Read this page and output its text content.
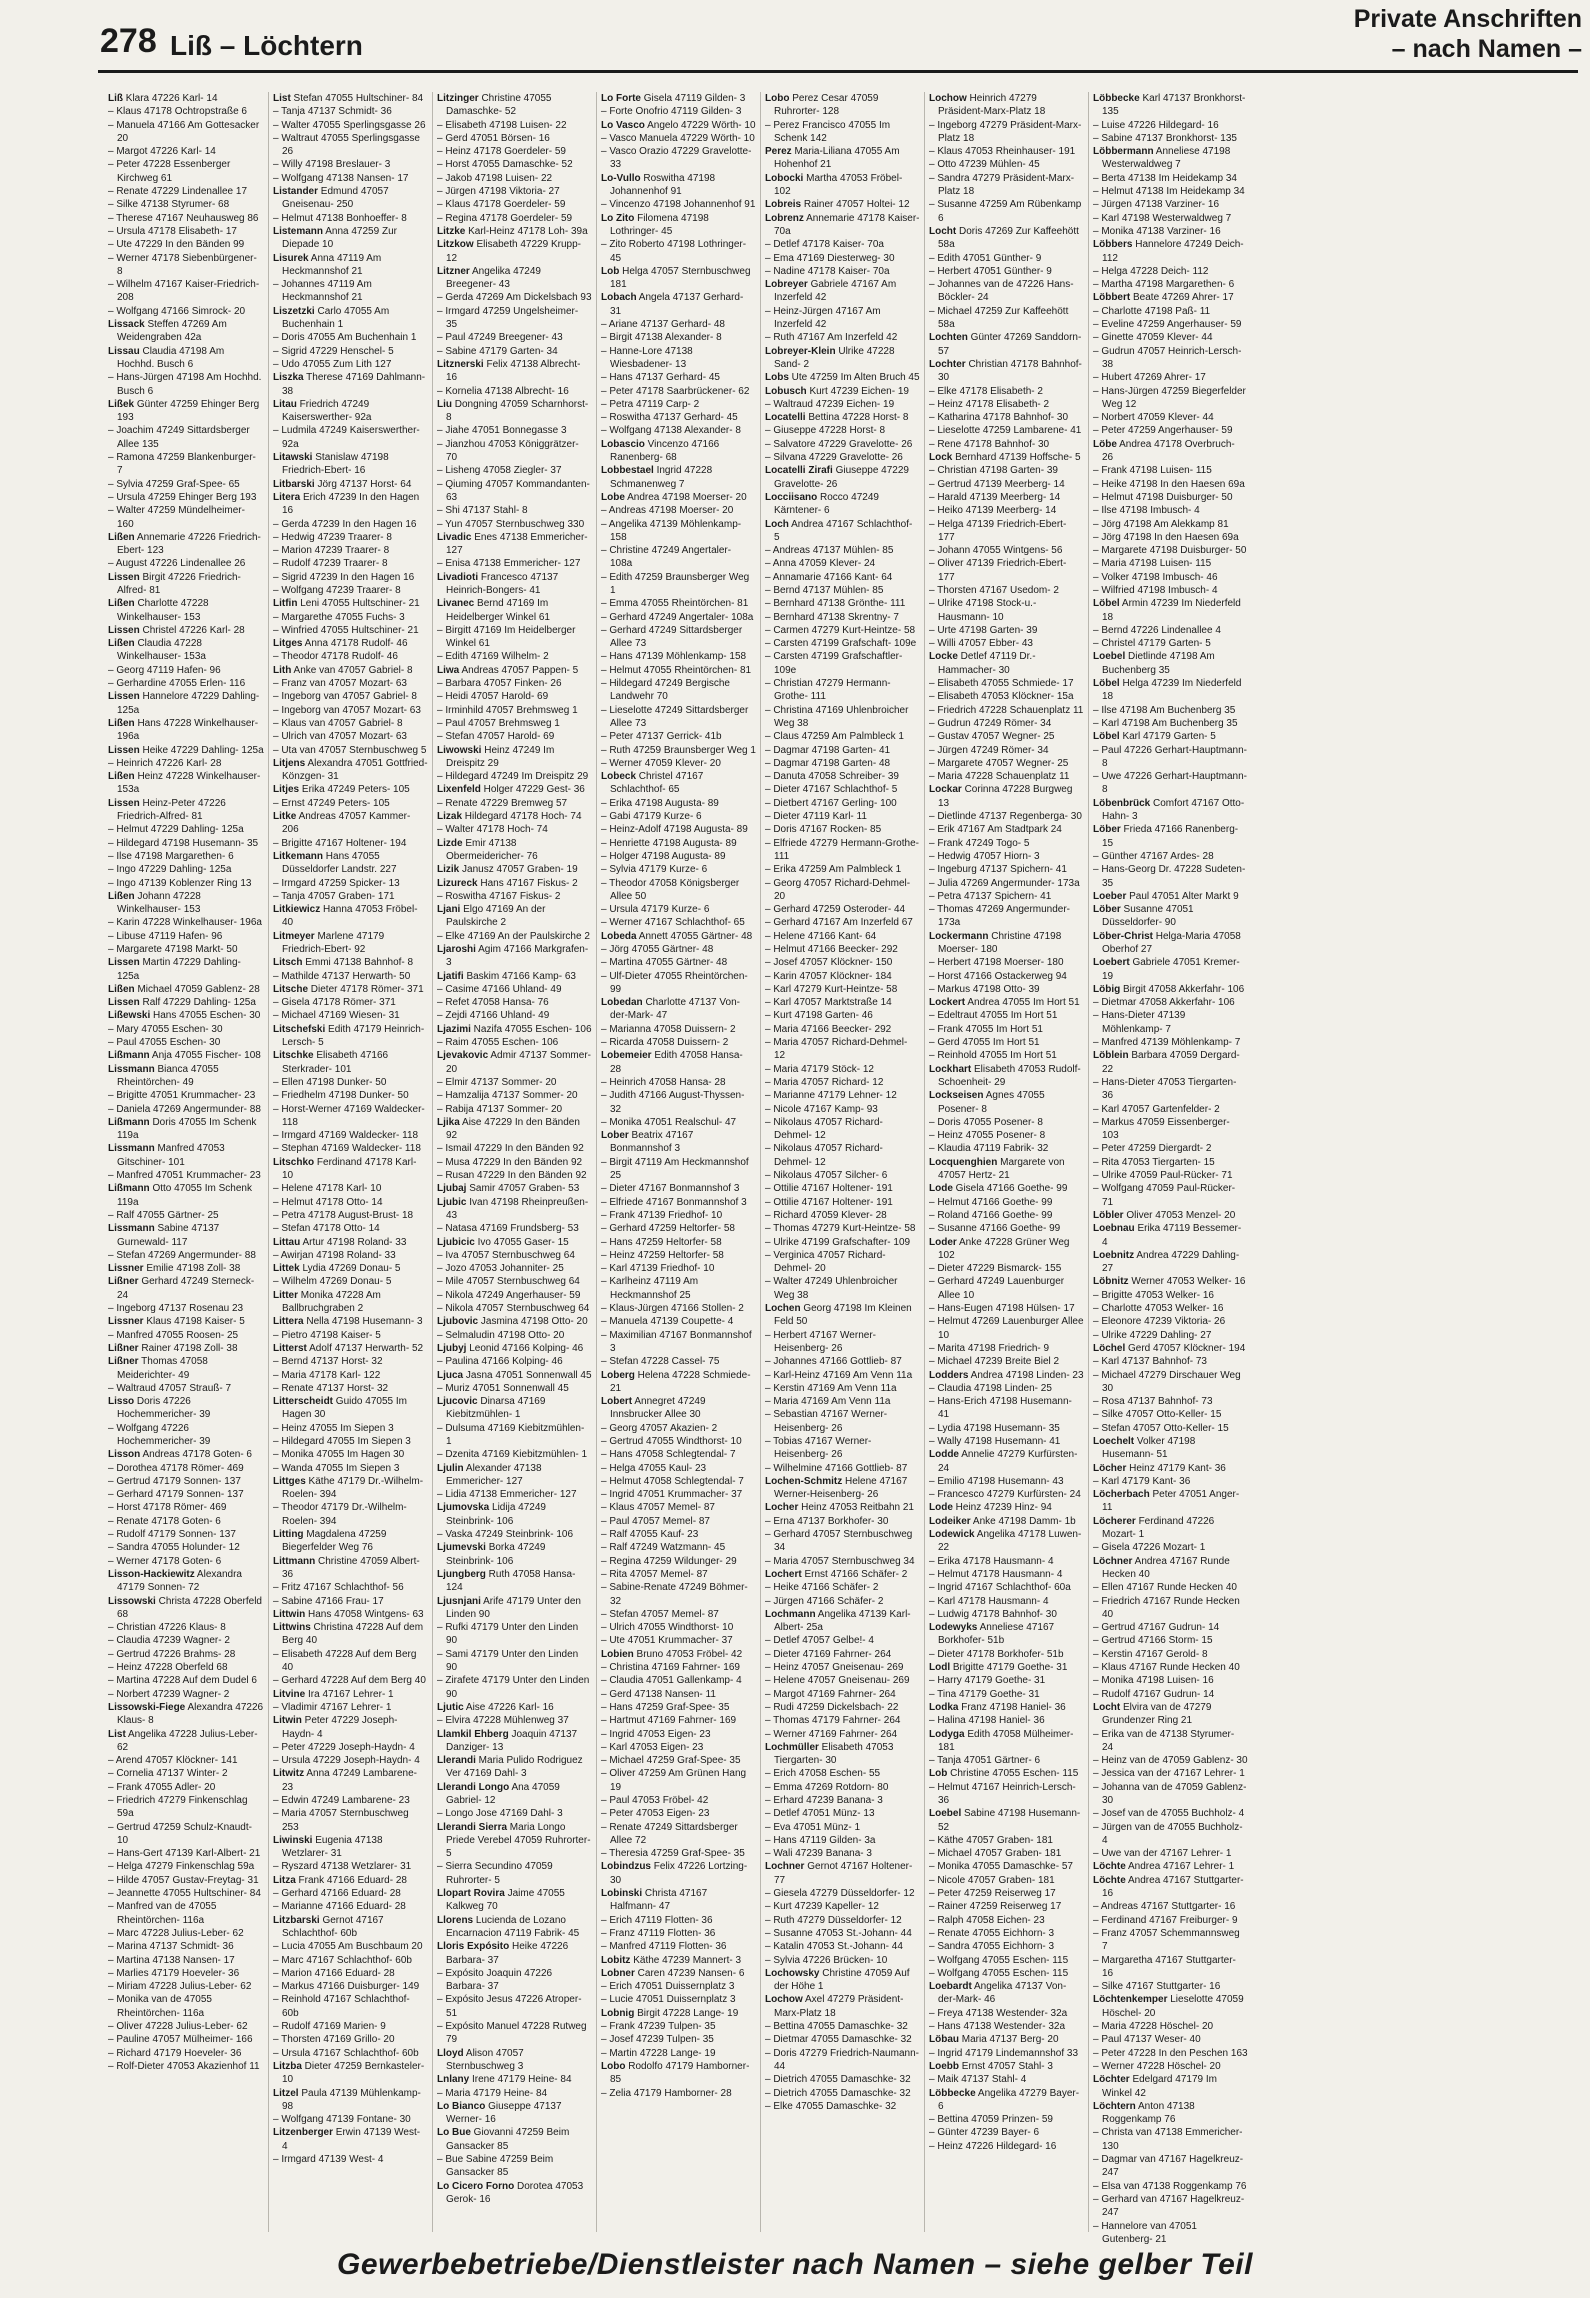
278 Liß – Löchtern
Private Anschriften
– nach Namen –
Liß Klara 47226 Karl- 14
– Klaus 47178 Ochtropstraße 6
– Manuela 47166 Am Gottesacker 20
– Margot 47226 Karl- 14
– Peter 47228 Essenberger Kirchweg 61
– Renate 47229 Lindenallee 17
– Silke 47138 Styrumer- 68
– Therese 47167 Neuhausweg 86
– Ursula 47178 Elisabeth- 17
– Ute 47229 In den Bänden 99
– Werner 47178 Siebenbürgener- 8
– Wilhelm 47167 Kaiser-Friedrich- 208
– Wolfgang 47166 Simrock- 20
Lissack Steffen 47269 Am Weidengraben 42a
Lissau Claudia 47198 Am Hochhd. Busch 6
– Hans-Jürgen 47198 Am Hochhd. Busch 6
Lißek Günter 47259 Ehinger Berg 193
– Joachim 47249 Sittardsberger Allee 135
– Ramona 47259 Blankenburger- 7
– Sylvia 47259 Graf-Spee- 65
– Ursula 47259 Ehinger Berg 193
– Walter 47259 Mündelheimer- 160
Lißen Annemarie 47226 Friedrich-Ebert- 123
– August 47226 Lindenallee 26
Lissen Birgit 47226 Friedrich-Alfred- 81
Lißen Charlotte 47228 Winkelhauser- 153
Lissen Christel 47226 Karl- 28
Lißen Claudia 47228 Winkelhauser- 153a
– Georg 47119 Hafen- 96
– Gerhardine 47055 Erlen- 116
Lissen Hannelore 47229 Dahling- 125a
Lißen Hans 47228 Winkelhauser- 196a
Lissen Heike 47229 Dahling- 125a
– Heinrich 47226 Karl- 28
Lißen Heinz 47228 Winkelhauser- 153a
Lissen Heinz-Peter 47226 Friedrich-Alfred- 81
– Helmut 47229 Dahling- 125a
– Hildegard 47198 Husemann- 35
– Ilse 47198 Margarethen- 6
– Ingo 47229 Dahling- 125a
– Ingo 47139 Koblenzer Ring 13
Lißen Johann 47228 Winkelhauser- 153
– Karin 47228 Winkelhauser- 196a
– Libuse 47119 Hafen- 96
– Margarete 47198 Markt- 50
Lissen Martin 47229 Dahling- 125a
Lißen Michael 47059 Gablenz- 28
Lissen Ralf 47229 Dahling- 125a
Lißewski Hans 47055 Eschen- 30
– Mary 47055 Eschen- 30
– Paul 47055 Eschen- 30
Lißmann Anja 47055 Fischer- 108
Lissmann Bianca 47055 Rheintörchen- 49
– Brigitte 47051 Krummacher- 23
– Daniela 47269 Angermunder- 88
Lißmann Doris 47055 Im Schenk 119a
Lissmann Manfred 47053 Gitschiner- 101
– Manfred 47051 Krummacher- 23
Lißmann Otto 47055 Im Schenk 119a
– Ralf 47055 Gärtner- 25
Lissmann Sabine 47137 Gurnewald- 117
– Stefan 47269 Angermunder- 88
Lissner Emilie 47198 Zoll- 38
Lißner Gerhard 47249 Sterneck- 24
– Ingeborg 47137 Rosenau 23
Lissner Klaus 47198 Kaiser- 5
– Manfred 47055 Roosen- 25
Lißner Rainer 47198 Zoll- 38
Lißner Thomas 47058 Meiderichter- 49
– Waltraud 47057 Strauß- 7
Lisso Doris 47226 Hochemmericher- 39
– Wolfgang 47226 Hochemmericher- 39
Lisson Andreas 47178 Goten- 6
– Dorothea 47178 Römer- 469
– Gertrud 47179 Sonnen- 137
– Gerhard 47179 Sonnen- 137
– Horst 47178 Römer- 469
– Renate 47178 Goten- 6
– Rudolf 47179 Sonnen- 137
– Sandra 47055 Holunder- 12
– Werner 47178 Goten- 6
Lisson-Hackiewitz Alexandra 47179 Sonnen- 72
Lissowski Christa 47228 Oberfeld 68
– Christian 47226 Klaus- 8
– Claudia 47239 Wagner- 2
– Gertrud 47226 Brahms- 28
– Heinz 47228 Oberfeld 68
– Martina 47228 Auf dem Dudel 6
– Norbert 47239 Wagner- 2
Lissowski-Fiege Alexandra 47226 Klaus- 8
List Angelika 47228 Julius-Leber- 62
– Arend 47057 Klöckner- 141
– Cornelia 47137 Winter- 2
– Frank 47055 Adler- 20
– Friedrich 47279 Finkenschlag 59a
– Gertrud 47259 Schulz-Knaudt- 10
– Hans-Gert 47139 Karl-Albert- 21
– Helga 47279 Finkenschlag 59a
– Hilde 47057 Gustav-Freytag- 31
– Jeannette 47055 Hultschiner- 84
– Manfred van de 47055 Rheintörchen- 116a
– Marc 47228 Julius-Leber- 62
– Marina 47137 Schmidt- 36
– Martina 47138 Nansen- 17
– Marlies 47179 Hoeveler- 36
– Miriam 47228 Julius-Leber- 62
– Monika van de 47055 Rheintörchen- 116a
– Oliver 47228 Julius-Leber- 62
– Pauline 47057 Mülheimer- 166
– Richard 47179 Hoeveler- 36
– Rolf-Dieter 47053 Akazienhof 11
List Stefan 47055 Hultschiner- 84
– Tanja 47137 Schmidt- 36
– Walter 47055 Sperlingsgasse 26
– Waltraut 47055 Sperlingsgasse 26
– Willy 47198 Breslauer- 3
– Wolfgang 47138 Nansen- 17
Listander Edmund 47057 Gneisenau- 250
– Helmut 47138 Bonhoeffer- 8
Listemann Anna 47259 Zur Diepade 10
Lisurek Anna 47119 Am Heckmannshof 21
– Johannes 47119 Am Heckmannshof 21
Liszetzki Carlo 47055 Am Buchenhain 1
– Doris 47055 Am Buchenhain 1
– Sigrid 47229 Henschel- 5
– Udo 47055 Zum Lith 127
Liszka Therese 47169 Dahlmann- 38
Litau Friedrich 47249 Kaiserswerther- 92a
– Ludmila 47249 Kaiserswerther- 92a
Litawski Stanislaw 47198 Friedrich-Ebert- 16
Litbarski Jörg 47137 Horst- 64
Litera Erich 47239 In den Hagen 16
– Gerda 47239 In den Hagen 16
– Hedwig 47239 Traarer- 8
– Marion 47239 Traarer- 8
– Rudolf 47239 Traarer- 8
– Sigrid 47239 In den Hagen 16
– Wolfgang 47239 Traarer- 8
Litfin Leni 47055 Hultschiner- 21
– Margarethe 47055 Fuchs- 3
– Winfried 47055 Hultschiner- 21
Litges Anna 47178 Rudolf- 46
– Theodor 47178 Rudolf- 46
Lith Anke van 47057 Gabriel- 8
– Franz van 47057 Mozart- 63
– Ingeborg van 47057 Gabriel- 8
– Ingeborg van 47057 Mozart- 63
– Klaus van 47057 Gabriel- 8
– Ulrich van 47057 Mozart- 63
– Uta van 47057 Sternbuschweg 5
Litjens Alexandra 47051 Gottfried-Könzgen- 31
Litjes Erika 47249 Peters- 105
– Ernst 47249 Peters- 105
Litke Andreas 47057 Kammer- 206
– Brigitte 47167 Holtener- 194
Litkemann Hans 47055 Düsseldorfer Landstr. 227
– Irmgard 47259 Spicker- 13
– Tanja 47057 Graben- 171
Litkiewicz Hanna 47053 Fröbel- 40
Litmeyer Marlene 47179 Friedrich-Ebert- 92
Litsch Emmi 47138 Bahnhof- 8
– Mathilde 47137 Herwarth- 50
Litsche Dieter 47178 Römer- 371
– Gisela 47178 Römer- 371
– Michael 47169 Wiesen- 31
Litschefski Edith 47179 Heinrich-Lersch- 5
Litschke Elisabeth 47166 Sterkrader- 101
– Ellen 47198 Dunker- 50
– Friedhelm 47198 Dunker- 50
– Horst-Werner 47169 Waldecker- 118
– Irmgard 47169 Waldecker- 118
– Stephan 47169 Waldecker- 118
Litschko Ferdinand 47178 Karl- 10
– Helene 47178 Karl- 10
– Helmut 47178 Otto- 14
– Petra 47178 August-Brust- 18
– Stefan 47178 Otto- 14
Littau Artur 47198 Roland- 33
– Awirjan 47198 Roland- 33
Littek Lydia 47269 Donau- 5
– Wilhelm 47269 Donau- 5
Litter Monika 47228 Am Ballbruchgraben 2
Littera Nella 47198 Husemann- 3
– Pietro 47198 Kaiser- 5
Litterst Adolf 47137 Herwarth- 52
– Bernd 47137 Horst- 32
– Maria 47178 Karl- 122
– Renate 47137 Horst- 32
Litterscheidt Guido 47055 Im Hagen 30
– Heinz 47055 Im Siepen 3
– Hildegard 47055 Im Siepen 3
– Monika 47055 Im Hagen 30
– Wanda 47055 Im Siepen 3
Littges Käthe 47179 Dr.-Wilhelm-Roelen- 394
– Theodor 47179 Dr.-Wilhelm-Roelen- 394
Litting Magdalena 47259 Biegerfelder Weg 76
Littmann Christine 47059 Albert- 36
– Fritz 47167 Schlachthof- 56
– Sabine 47166 Frau- 17
Littwin Hans 47058 Wintgens- 63
Littwins Christina 47228 Auf dem Berg 40
– Elisabeth 47228 Auf dem Berg 40
– Gerhard 47228 Auf dem Berg 40
Litvine Ira 47167 Lehrer- 1
– Vladimir 47167 Lehrer- 1
Litwin Peter 47229 Joseph-Haydn- 4
– Peter 47229 Joseph-Haydn- 4
– Ursula 47229 Joseph-Haydn- 4
Litwitz Anna 47249 Lambarene- 23
– Edwin 47249 Lambarene- 23
– Maria 47057 Sternbuschweg 253
Liwinski Eugenia 47138 Wetzlarer- 31
– Ryszard 47138 Wetzlarer- 31
Litza Frank 47166 Eduard- 28
– Gerhard 47166 Eduard- 28
– Marianne 47166 Eduard- 28
Litzbarski Gernot 47167 Schlachthof- 60b
– Lucia 47055 Am Buschbaum 20
– Marc 47167 Schlachthof- 60b
– Marion 47166 Eduard- 28
– Markus 47166 Duisburger- 149
– Reinhold 47167 Schlachthof- 60b
– Rudolf 47169 Marien- 9
– Thorsten 47169 Grillo- 20
– Ursula 47167 Schlachthof- 60b
Litzba Dieter 47259 Bernkasteler- 10
Litzel Paula 47139 Mühlenkamp- 98
– Wolfgang 47139 Fontane- 30
Litzenberger Erwin 47139 West- 4
– Irmgard 47139 West- 4
Litzinger Christine 47055 Damaschke- 52
– Elisabeth 47198 Luisen- 22
– Gerd 47051 Börsen- 16
– Heinz 47178 Goerdeler- 59
– Horst 47055 Damaschke- 52
– Jakob 47198 Luisen- 22
– Jürgen 47198 Viktoria- 27
– Klaus 47178 Goerdeler- 59
– Regina 47178 Goerdeler- 59
Litzke Karl-Heinz 47178 Loh- 39a
Litzkow Elisabeth 47229 Krupp- 12
Litzner Angelika 47249 Breegener- 43
– Gerda 47269 Am Dickelsbach 93
– Irmgard 47259 Ungelsheimer- 35
– Paul 47249 Breegener- 43
– Sabine 47179 Garten- 34
Litznerski Felix 47138 Albrecht- 16
– Kornelia 47138 Albrecht- 16
Liu Dongning 47059 Scharnhorst- 8
– Jiahe 47051 Bonnegasse 3
– Jianzhou 47053 Königgrätzer- 70
– Lisheng 47058 Ziegler- 37
– Qiuming 47057 Kommandanten- 63
– Shi 47137 Stahl- 8
– Yun 47057 Sternbuschweg 330
Livadic Enes 47138 Emmericher- 127
– Enisa 47138 Emmericher- 127
Livadioti Francesco 47137 Heinrich-Bongers- 41
Livanec Bernd 47169 Im Heidelberger Winkel 61
– Birgitt 47169 Im Heidelberger Winkel 61
– Edith 47169 Wilhelm- 2
Liwa Andreas 47057 Pappen- 5
– Barbara 47057 Finken- 26
– Heidi 47057 Harold- 69
– Irminhild 47057 Brehmsweg 1
– Paul 47057 Brehmsweg 1
– Stefan 47057 Harold- 69
Liwowski Heinz 47249 Im Dreispitz 29
– Hildegard 47249 Im Dreispitz 29
Lixenfeld Holger 47229 Gest- 36
– Renate 47229 Bremweg 57
Lizak Hildegard 47178 Hoch- 74
– Walter 47178 Hoch- 74
Lizde Emir 47138 Obermeidericher- 76
Lizik Janusz 47057 Graben- 19
Lizureck Hans 47167 Fiskus- 2
– Roswitha 47167 Fiskus- 2
Ljani Elgo 47169 An der Paulskirche 2
– Elke 47169 An der Paulskirche 2
Ljaroshi Agim 47166 Markgrafen- 3
Ljatifi Baskim 47166 Kamp- 63
– Casime 47166 Uhland- 49
– Refet 47058 Hansa- 76
– Zejdi 47166 Uhland- 49
Ljazimi Nazifa 47055 Eschen- 106
– Raim 47055 Eschen- 106
Ljevakovic Admir 47137 Sommer- 20
– Elmir 47137 Sommer- 20
– Hamzalija 47137 Sommer- 20
– Rabija 47137 Sommer- 20
Ljika Aise 47229 In den Bänden 92
– Ismail 47229 In den Bänden 92
– Musa 47229 In den Bänden 92
– Rusan 47229 In den Bänden 92
Ljubaj Samir 47057 Graben- 53
Ljubic Ivan 47198 Rheinpreußen- 43
– Natasa 47169 Frundsberg- 53
Ljubicic Ivo 47055 Gaser- 15
– Iva 47057 Sternbuschweg 64
– Jozo 47053 Johanniter- 25
– Mile 47057 Sternbuschweg 64
– Nikola 47249 Angerhauser- 59
– Nikola 47057 Sternbuschweg 64
Ljubovic Jasmina 47198 Otto- 20
– Selmaludin 47198 Otto- 20
Ljubyj Leonid 47166 Kolping- 46
– Paulina 47166 Kolping- 46
Ljuca Jasna 47051 Sonnenwall 45
– Muriz 47051 Sonnenwall 45
Ljucovic Dinarsa 47169 Kiebitzmühlen- 1
– Dulsuma 47169 Kiebitzmühlen- 1
– Dzenita 47169 Kiebitzmühlen- 1
Ljulin Alexander 47138 Emmericher- 127
– Lidia 47138 Emmericher- 127
Ljumovska Lidija 47249 Steinbrink- 106
– Vaska 47249 Steinbrink- 106
Ljumevski Borka 47249 Steinbrink- 106
Ljungberg Ruth 47058 Hansa- 124
Ljusnjani Arife 47179 Unter den Linden 90
– Rufki 47179 Unter den Linden 90
– Sami 47179 Unter den Linden 90
– Zirafete 47179 Unter den Linden 90
Ljutic Aise 47226 Karl- 16
– Elvira 47228 Mühlenweg 37
Llamkil Ehberg Joaquin 47137 Danziger- 13
Llerandi Maria Pulido Rodriguez Ver 47169 Dahl- 3
Llerandi Longo Ana 47059 Gabriel- 12
– Longo Jose 47169 Dahl- 3
Llerandi Sierra Maria Longo Priede Verebel 47059 Ruhrorter- 5
– Sierra Secundino 47059 Ruhrorter- 5
Llopart Rovira Jaime 47055 Kalkweg 70
Llorens Lucienda de Lozano Encarnacion 47119 Fabrik- 45
Lloris Expósito Heike 47226 Barbara- 37
– Expósito Joaquin 47226 Barbara- 37
– Expósito Jesus 47226 Atroper- 51
– Expósito Manuel 47228 Rutweg 79
Lloyd Alison 47057 Sternbuschweg 3
Lnlany Irene 47179 Heine- 84
– Maria 47179 Heine- 84
Lo Bianco Giuseppe 47137 Werner- 16
Lo Bue Giovanni 47259 Beim Gansacker 85
– Bue Sabine 47259 Beim Gansacker 85
Lo Cicero Forno Dorotea 47053 Gerok- 16
Lo Forte Gisela 47119 Gilden- 3
– Forte Onofrio 47119 Gilden- 3
Lo Vasco Angelo 47229 Wörth- 10
– Vasco Manuela 47229 Wörth- 10
– Vasco Orazio 47229 Gravelotte- 33
Lo-Vullo Roswitha 47198 Johannenhof 91
– Vincenzo 47198 Johannenhof 91
Lo Zito Filomena 47198 Lothringer- 45
– Zito Roberto 47198 Lothringer- 45
Lob Helga 47057 Sternbuschweg 181
Lobach Angela 47137 Gerhard- 31
– Ariane 47137 Gerhard- 48
– Birgit 47138 Alexander- 8
– Hanne-Lore 47138 Wiesbadener- 13
– Hans 47137 Gerhard- 45
– Peter 47178 Saarbrückener- 62
– Petra 47119 Carp- 2
– Roswitha 47137 Gerhard- 45
– Wolfgang 47138 Alexander- 8
Lobascio Vincenzo 47166 Ranenberg- 68
Lobbestael Ingrid 47228 Schmanenweg 7
Lobe Andrea 47198 Moerser- 20
– Andreas 47198 Moerser- 20
– Angelika 47139 Möhlenkamp- 158
– Christine 47249 Angertaler- 108a
– Edith 47259 Braunsberger Weg 1
– Emma 47055 Rheintörchen- 81
– Gerhard 47249 Angertaler- 108a
– Gerhard 47249 Sittardsberger Allee 73
– Hans 47139 Möhlenkamp- 158
– Helmut 47055 Rheintörchen- 81
– Hildegard 47249 Bergische Landwehr 70
– Lieselotte 47249 Sittardsberger Allee 73
– Peter 47137 Gerrick- 41b
– Ruth 47259 Braunsberger Weg 1
– Werner 47059 Klever- 20
Lobeck Christel 47167 Schlachthof- 65
– Erika 47198 Augusta- 89
– Gabi 47179 Kurze- 6
– Heinz-Adolf 47198 Augusta- 89
– Henriette 47198 Augusta- 89
– Holger 47198 Augusta- 89
– Sylvia 47179 Kurze- 6
– Theodor 47058 Königsberger Allee 50
– Ursula 47179 Kurze- 6
– Werner 47167 Schlachthof- 65
Lobeda Annett 47055 Gärtner- 48
– Jörg 47055 Gärtner- 48
– Martina 47055 Gärtner- 48
– Ulf-Dieter 47055 Rheintörchen- 99
Lobedan Charlotte 47137 Von-der-Mark- 47
– Marianna 47058 Duissern- 2
– Ricarda 47058 Duissern- 2
Lobemeier Edith 47058 Hansa- 28
– Heinrich 47058 Hansa- 28
– Judith 47166 August-Thyssen- 32
– Monika 47051 Realschul- 47
Lober Beatrix 47167 Bonmannshof 3
– Birgit 47119 Am Heckmannshof 25
– Dieter 47167 Bonmannshof 3
– Elfriede 47167 Bonmannshof 3
– Frank 47139 Friedhof- 10
– Gerhard 47259 Heltorfer- 58
– Hans 47259 Heltorfer- 58
– Heinz 47259 Heltorfer- 58
– Karl 47139 Friedhof- 10
– Karlheinz 47119 Am Heckmannshof 25
– Klaus-Jürgen 47166 Stollen- 2
– Manuela 47139 Coupette- 4
– Maximilian 47167 Bonmannshof 3
– Stefan 47228 Cassel- 75
Loberg Helena 47228 Schmiede- 21
Lobert Annegret 47249 Innsbrucker Allee 30
– Georg 47057 Akazien- 2
– Gertrud 47055 Windthorst- 10
– Hans 47058 Schlegtendal- 7
– Helga 47055 Kaul- 23
– Helmut 47058 Schlegtendal- 7
– Ingrid 47051 Krummacher- 37
– Klaus 47057 Memel- 87
– Paul 47057 Memel- 87
– Ralf 47055 Kauf- 23
– Ralf 47249 Watzmann- 45
– Regina 47259 Wildunger- 29
– Rita 47057 Memel- 87
– Sabine-Renate 47249 Böhmer- 32
– Stefan 47057 Memel- 87
– Ulrich 47055 Windthorst- 10
– Ute 47051 Krummacher- 37
Lobien Bruno 47053 Fröbel- 42
– Christina 47169 Fahrner- 169
– Claudia 47051 Gallenkamp- 4
– Gerd 47138 Nansen- 11
– Hans 47259 Graf-Spee- 35
– Hartmut 47169 Fahrner- 169
– Ingrid 47053 Eigen- 23
– Karl 47053 Eigen- 23
– Michael 47259 Graf-Spee- 35
– Oliver 47259 Am Grünen Hang 19
– Paul 47053 Fröbel- 42
– Peter 47053 Eigen- 23
– Renate 47249 Sittardsberger Allee 72
– Theresia 47259 Graf-Spee- 35
Lobindzus Felix 47226 Lortzing- 30
Lobinski Christa 47167 Halfmann- 47
– Erich 47119 Flotten- 36
– Franz 47119 Flotten- 36
– Manfred 47119 Flotten- 36
Lobitz Käthe 47239 Mannert- 3
Lobner Caren 47239 Nansen- 6
– Erich 47051 Duissernplatz 3
– Lucie 47051 Duissernplatz 3
Lobnig Birgit 47228 Lange- 19
– Frank 47239 Tulpen- 35
– Josef 47239 Tulpen- 35
– Martin 47228 Lange- 19
Lobo Rodolfo 47179 Hamborner- 85
– Zelia 47179 Hamborner- 28
Lobo Perez Cesar 47059 Ruhrorter- 128
– Perez Francisco 47055 Im Schenk 142
Perez Maria-Liliana 47055 Am Hohenhof 21
Lobocki Martha 47053 Fröbel- 102
Lobreis Rainer 47057 Holtei- 12
Lobrenz Annemarie 47178 Kaiser- 70a
– Detlef 47178 Kaiser- 70a
– Ema 47169 Diesterweg- 30
– Nadine 47178 Kaiser- 70a
Lobreyer Gabriele 47167 Am Inzerfeld 42
– Heinz-Jürgen 47167 Am Inzerfeld 42
– Ruth 47167 Am Inzerfeld 42
Lobreyer-Klein Ulrike 47228 Sand- 2
Lobs Ute 47259 Im Alten Bruch 45
Lobusch Kurt 47239 Eichen- 19
– Waltraud 47239 Eichen- 19
Locatelli Bettina 47228 Horst- 8
– Giuseppe 47228 Horst- 8
– Salvatore 47229 Gravelotte- 26
– Silvana 47229 Gravelotte- 26
Locatelli Zirafi Giuseppe 47229 Gravelotte- 26
Locciisano Rocco 47249 Kärntener- 6
Loch Andrea 47167 Schlachthof- 5
– Andreas 47137 Mühlen- 85
– Anna 47059 Klever- 24
– Annamarie 47166 Kant- 64
– Bernd 47137 Mühlen- 85
– Bernhard 47138 Grönthe- 111
– Bernhard 47138 Skrentny- 7
– Carmen 47279 Kurt-Heintze- 58
– Carsten 47199 Grafschaft- 109e
– Carsten 47199 Grafschaftler- 109e
– Christian 47279 Hermann-Grothe- 111
– Christina 47169 Uhlenbroicher Weg 38
– Claus 47259 Am Palmbleck 1
– Dagmar 47198 Garten- 41
– Dagmar 47198 Garten- 48
– Danuta 47058 Schreiber- 39
– Dieter 47167 Schlachthof- 5
– Dietbert 47167 Gerling- 100
– Dieter 47119 Karl- 11
– Doris 47167 Rocken- 85
– Elfriede 47279 Hermann-Grothe- 111
– Erika 47259 Am Palmbleck 1
– Georg 47057 Richard-Dehmel- 20
– Gerhard 47259 Osteroder- 44
– Gerhard 47167 Am Inzerfeld 67
– Helene 47166 Kant- 64
– Helmut 47166 Beecker- 292
– Josef 47057 Klöckner- 150
– Karin 47057 Klöckner- 184
– Karl 47279 Kurt-Heintze- 58
– Karl 47057 Marktstraße 14
– Kurt 47198 Garten- 46
– Maria 47166 Beecker- 292
– Maria 47057 Richard-Dehmel- 12
– Maria 47179 Stöck- 12
– Maria 47057 Richard- 12
– Marianne 47179 Lehner- 12
– Nicole 47167 Kamp- 93
– Nikolaus 47057 Richard-Dehmel- 12
– Nikolaus 47057 Richard-Dehmel- 12
– Nikolaus 47057 Silcher- 6
– Ottilie 47167 Holtener- 191
– Ottilie 47167 Holtener- 191
– Richard 47059 Klever- 28
– Thomas 47279 Kurt-Heintze- 58
– Ulrike 47199 Grafschafter- 109
– Verginica 47057 Richard-Dehmel- 20
– Walter 47249 Uhlenbroicher Weg 38
Lochen Georg 47198 Im Kleinen Feld 50
– Herbert 47167 Werner-Heisenberg- 26
– Johannes 47166 Gottlieb- 87
– Karl-Heinz 47169 Am Venn 11a
– Kerstin 47169 Am Venn 11a
– Maria 47169 Am Venn 11a
– Sebastian 47167 Werner-Heisenberg- 26
– Tobias 47167 Werner-Heisenberg- 26
– Wilhelmine 47166 Gottlieb- 87
Lochen-Schmitz Helene 47167 Werner-Heisenberg- 26
Locher Heinz 47053 Reitbahn 21
– Erna 47137 Borkhofer- 30
– Gerhard 47057 Sternbuschweg 34
– Maria 47057 Sternbuschweg 34
Lochert Ernst 47166 Schäfer- 2
– Heike 47166 Schäfer- 2
– Jürgen 47166 Schäfer- 2
Lochmann Angelika 47139 Karl-Albert- 25a
– Detlef 47057 Gelbe!- 4
– Dieter 47169 Fahrner- 264
– Heinz 47057 Gneisenau- 269
– Helene 47057 Gneisenau- 269
– Margot 47169 Fahrner- 264
– Rudi 47259 Dickelsbach- 22
– Thomas 47179 Fahrner- 264
– Werner 47169 Fahrner- 264
Lochmüller Elisabeth 47053 Tiergarten- 30
– Erich 47058 Eschen- 55
– Emma 47269 Rotdorn- 80
– Erhard 47239 Banana- 3
– Detlef 47051 Münz- 13
– Eva 47051 Münz- 1
– Hans 47119 Gilden- 3a
– Wali 47239 Banana- 3
Lochner Gernot 47167 Holtener- 77
– Giesela 47279 Düsseldorfer- 12
– Kurt 47239 Kapeller- 12
– Ruth 47279 Düsseldorfer- 12
– Susanne 47053 St.-Johann- 44
– Katalin 47053 St.-Johann- 44
– Sylvia 47226 Brücken- 10
Lochowsky Christine 47059 Auf der Höhe 1
Lochow Axel 47279 Präsident-Marx-Platz 18
– Bettina 47055 Damaschke- 32
– Dietmar 47055 Damaschke- 32
– Doris 47279 Friedrich-Naumann- 44
– Dietrich 47055 Damaschke- 32
– Dietrich 47055 Damaschke- 32
– Elke 47055 Damaschke- 32
Lochow Heinrich 47279 Präsident-Marx-Platz 18
– Ingeborg 47279 Präsident-Marx-Platz 18
– Klaus 47053 Rheinhauser- 191
– Otto 47239 Mühlen- 45
– Sandra 47279 Präsident-Marx-Platz 18
– Susanne 47259 Am Rübenkamp 6
Locht Doris 47269 Zur Kaffeehött 58a
– Edith 47051 Günther- 9
– Herbert 47051 Günther- 9
– Johannes van de 47226 Hans-Böckler- 24
– Michael 47259 Zur Kaffeehött 58a
Lochten Günter 47269 Sanddorn- 57
Lochter Christian 47178 Bahnhof- 30
– Elke 47178 Elisabeth- 2
– Heinz 47178 Elisabeth- 2
– Katharina 47178 Bahnhof- 30
– Lieselotte 47259 Lambarene- 41
– Rene 47178 Bahnhof- 30
Lock Bernhard 47139 Hoffsche- 5
– Christian 47198 Garten- 39
– Gertrud 47139 Meerberg- 14
– Harald 47139 Meerberg- 14
– Heiko 47139 Meerberg- 14
– Helga 47139 Friedrich-Ebert- 177
– Johann 47055 Wintgens- 56
– Oliver 47139 Friedrich-Ebert- 177
– Thorsten 47167 Usedom- 2
– Ulrike 47198 Stock-u.-Hausmann- 10
– Urte 47198 Garten- 39
– Willi 47057 Ebber- 43
Locke Detlef 47119 Dr.-Hammacher- 30
– Elisabeth 47055 Schmiede- 17
– Elisabeth 47053 Klöckner- 15a
– Friedrich 47228 Schauenplatz 11
– Gudrun 47249 Römer- 34
– Gustav 47057 Wegner- 25
– Jürgen 47249 Römer- 34
– Margarete 47057 Wegner- 25
– Maria 47228 Schauenplatz 11
Lockar Corinna 47228 Burgweg 13
– Dietlinde 47137 Regenberga- 30
– Erik 47167 Am Stadtpark 24
– Frank 47249 Togo- 5
– Hedwig 47057 Hiorn- 3
– Ingeburg 47137 Spichern- 41
– Julia 47269 Angermunder- 173a
– Petra 47137 Spichern- 41
– Thomas 47269 Angermunder- 173a
Lockermann Christine 47198 Moerser- 180
– Herbert 47198 Moerser- 180
– Horst 47166 Ostackerweg 94
– Markus 47198 Otto- 39
Lockert Andrea 47055 Im Hort 51
– Edeltraut 47055 Im Hort 51
– Frank 47055 Im Hort 51
– Gerd 47055 Im Hort 51
– Reinhold 47055 Im Hort 51
Lockhart Elisabeth 47053 Rudolf-Schoenheit- 29
Lockseisen Agnes 47055 Posener- 8
– Doris 47055 Posener- 8
– Heinz 47055 Posener- 8
– Klaudia 47119 Fabrik- 32
Locquenghien Margarete von 47057 Hertz- 21
Lode Gisela 47166 Goethe- 99
– Helmut 47166 Goethe- 99
– Roland 47166 Goethe- 99
– Susanne 47166 Goethe- 99
Loder Anke 47228 Grüner Weg 102
– Dieter 47229 Bismarck- 155
– Gerhard 47249 Lauenburger Allee 10
– Hans-Eugen 47198 Hülsen- 17
– Helmut 47269 Lauenburger Allee 10
– Marita 47198 Friedrich- 9
– Michael 47239 Breite Biel 2
Lodders Andrea 47198 Linden- 23
– Claudia 47198 Linden- 25
– Hans-Erich 47198 Husemann- 41
– Lydia 47198 Husemann- 35
– Wally 47198 Husemann- 41
Lodde Annelie 47279 Kurfürsten- 24
– Emilio 47198 Husemann- 43
– Francesco 47279 Kurfürsten- 24
Lode Heinz 47239 Hinz- 94
Lodeiker Anke 47198 Damm- 1b
Lodewick Angelika 47178 Luwen- 22
– Erika 47178 Hausmann- 4
– Helmut 47178 Hausmann- 4
– Ingrid 47167 Schlachthof- 60a
– Karl 47178 Hausmann- 4
– Ludwig 47178 Bahnhof- 30
Lodewyks Anneliese 47167 Borkhofer- 51b
– Dieter 47178 Borkhofer- 51b
Lodl Brigitte 47179 Goethe- 31
– Harry 47179 Goethe- 31
– Tina 47179 Goethe- 31
Lodka Franz 47198 Haniel- 36
– Halina 47198 Haniel- 36
Lodyga Edith 47058 Mülheimer- 181
– Tanja 47051 Gärtner- 6
Lob Christine 47055 Eschen- 115
– Helmut 47167 Heinrich-Lersch- 36
Loebel Sabine 47198 Husemann- 52
– Käthe 47057 Graben- 181
– Michael 47057 Graben- 181
– Monika 47055 Damaschke- 57
– Nicole 47057 Graben- 181
– Peter 47259 Reiserweg 17
– Rainer 47259 Reiserweg 17
– Ralph 47058 Eichen- 23
– Renate 47055 Eichhorn- 3
– Sandra 47055 Eichhorn- 3
– Wolfgang 47055 Eschen- 115
– Wolfgang 47055 Eschen- 115
Loebardt Angelika 47137 Von-der-Mark- 46
– Freya 47138 Westender- 32a
– Hans 47138 Westender- 32a
Löbau Maria 47137 Berg- 20
– Ingrid 47179 Lindemannshof 33
Loebb Ernst 47057 Stahl- 3
– Maik 47137 Stahl- 4
Löbbecke Angelika 47279 Bayer- 6
– Bettina 47059 Prinzen- 59
– Günter 47239 Bayer- 6
– Heinz 47226 Hildegard- 16
Löbbecke Karl 47137 Bronkhorst- 135
– Luise 47226 Hildegard- 16
– Sabine 47137 Bronkhorst- 135
Löbbermann Anneliese 47198 Westerwaldweg 7
– Berta 47138 Im Heidekamp 34
– Helmut 47138 Im Heidekamp 34
– Jürgen 47138 Varziner- 16
– Karl 47198 Westerwaldweg 7
– Monika 47138 Varziner- 16
Löbbers Hannelore 47249 Deich- 112
– Helga 47228 Deich- 112
– Martha 47198 Margarethen- 6
Löbbert Beate 47269 Ahrer- 17
– Charlotte 47198 Paß- 11
– Eveline 47259 Angerhauser- 59
– Ginette 47059 Klever- 44
– Gudrun 47057 Heinrich-Lersch- 38
– Hubert 47269 Ahrer- 17
– Hans-Jürgen 47259 Biegerfelder Weg 12
– Norbert 47059 Klever- 44
– Peter 47259 Angerhauser- 59
Löbe Andrea 47178 Overbruch- 26
– Frank 47198 Luisen- 115
– Heike 47198 In den Haesen 69a
– Helmut 47198 Duisburger- 50
– Ilse 47198 Imbusch- 4
– Jörg 47198 Am Alekkamp 81
– Jörg 47198 In den Haesen 69a
– Margarete 47198 Duisburger- 50
– Maria 47198 Luisen- 115
– Volker 47198 Imbusch- 46
– Wilfried 47198 Imbusch- 4
Löbel Armin 47239 Im Niederfeld 18
– Bernd 47226 Lindenallee 4
– Christel 47179 Garten- 5
Loebel Dietlinde 47198 Am Buchenberg 35
Löbel Helga 47239 Im Niederfeld 18
– Ilse 47198 Am Buchenberg 35
– Karl 47198 Am Buchenberg 35
Löbel Karl 47179 Garten- 5
– Paul 47226 Gerhart-Hauptmann- 8
– Uwe 47226 Gerhart-Hauptmann- 8
Löbenbrück Comfort 47167 Otto-Hahn- 3
Löber Frieda 47166 Ranenberg- 15
– Günther 47167 Ardes- 28
– Hans-Georg Dr. 47228 Sudeten- 35
Loeber Paul 47051 Alter Markt 9
Löber Susanne 47051 Düsseldorfer- 90
Löber-Christ Helga-Maria 47058 Oberhof 27
Loebert Gabriele 47051 Kremer- 19
Löbig Birgit 47058 Akkerfahr- 106
– Dietmar 47058 Akkerfahr- 106
– Hans-Dieter 47139 Möhlenkamp- 7
– Manfred 47139 Möhlenkamp- 7
Löblein Barbara 47059 Dergard- 22
– Hans-Dieter 47053 Tiergarten- 36
– Karl 47057 Gartenfelder- 2
– Markus 47059 Eissenberger- 103
– Peter 47259 Diergardt- 2
– Rita 47053 Tiergarten- 15
– Ulrike 47059 Paul-Rücker- 71
– Wolfgang 47059 Paul-Rücker- 71
Löbler Oliver 47053 Menzel- 20
Loebnau Erika 47119 Bessemer- 4
Loebnitz Andrea 47229 Dahling- 27
Löbnitz Werner 47053 Welker- 16
– Brigitte 47053 Welker- 16
– Charlotte 47053 Welker- 16
– Eleonore 47239 Viktoria- 26
– Ulrike 47229 Dahling- 27
Löchel Gerd 47057 Klöckner- 194
– Karl 47137 Bahnhof- 73
– Michael 47279 Dirschauer Weg 30
– Rosa 47137 Bahnhof- 73
– Silke 47057 Otto-Keller- 15
– Stefan 47057 Otto-Keller- 15
Loechelt Volker 47198 Husemann- 51
Löcher Heinz 47179 Kant- 36
– Karl 47179 Kant- 36
Löcherbach Peter 47051 Anger- 11
Löcherer Ferdinand 47226 Mozart- 1
– Gisela 47226 Mozart- 1
Löchner Andrea 47167 Runde Hecken 40
– Ellen 47167 Runde Hecken 40
– Friedrich 47167 Runde Hecken 40
– Gertrud 47167 Gudrun- 14
– Gertrud 47166 Storm- 15
– Kerstin 47167 Gerold- 8
– Klaus 47167 Runde Hecken 40
– Monika 47198 Luisen- 16
– Rudolf 47167 Gudrun- 14
Locht Elvira van de 47279 Grundenzer Ring 21
– Erika van de 47138 Styrumer- 24
– Heinz van de 47059 Gablenz- 30
– Jessica van der 47167 Lehrer- 1
– Johanna van de 47059 Gablenz- 30
– Josef van de 47055 Buchholz- 4
– Jürgen van de 47055 Buchholz- 4
– Uwe van der 47167 Lehrer- 1
Löchte Andrea 47167 Lehrer- 1
Löchte Andrea 47167 Stuttgarter- 16
– Andreas 47167 Stuttgarter- 16
– Ferdinand 47167 Freiburger- 9
– Franz 47057 Schemmannsweg 7
– Margaretha 47167 Stuttgarter- 16
– Silke 47167 Stuttgarter- 16
Löchtenkemper Lieselotte 47059 Höschel- 20
– Maria 47228 Höschel- 20
– Paul 47137 Weser- 40
– Peter 47228 In den Peschen 163
– Werner 47228 Höschel- 20
Löchter Edelgard 47179 Im Winkel 42
Löchtern Anton 47138 Roggenkamp 76
– Christa van 47138 Emmericher- 130
– Dagmar van 47167 Hagelkreuz- 247
– Elsa van 47138 Roggenkamp 76
– Gerhard van 47167 Hagelkreuz- 247
– Hannelore van 47051 Gutenberg- 21
Gewerbebetriebe/Dienstleister nach Namen – siehe gelber Teil
